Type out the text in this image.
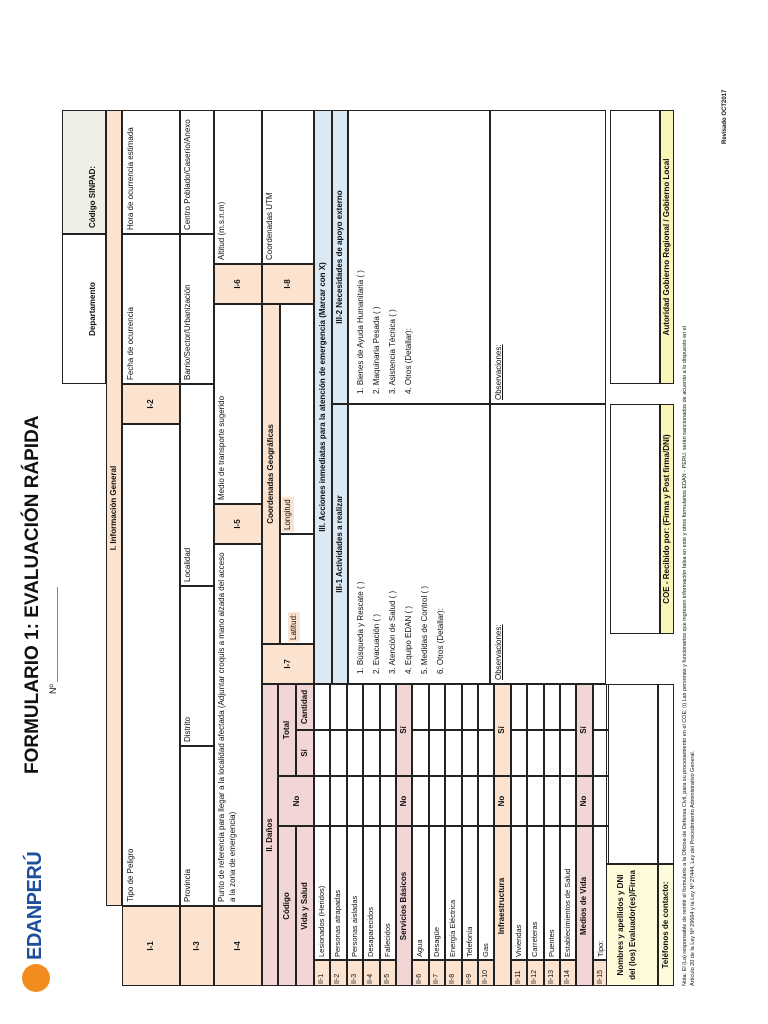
EDANPERÚ
FORMULARIO 1: EVALUACIÓN RÁPIDA Nº ___________________
Departamento
Código SINPAD:
I. Información General
I-1
Tipo de Peligro
I-2
Fecha de ocurrencia
Hora de ocurrencia estimada
I-3
Provincia
Distrito
Localidad
Barrio/Sector/Urbanización
Centro Poblado/Caserío/Anexo
I-4
Punto de referencia para llegar a la localidad afectada (Adjuntar croquis a mano alzada del acceso a la zona de emergencia)
I-5
Medio de transporte sugerido
I-6
Altitud (m.s.n.m)
I-7
Coordenadas Geográficas
Latitud:
Longitud
I-8
Coordenadas UTM
II. Daños
Código Vida y Salud
No
Total
Sí
Cantidad
II-1
Lesionados (Heridos)
II-2
Personas atrapadas
II-3
Personas aisladas
II-4
Desaparecidos
II-5
Fallecidos Servicios Básicos
No
Sí
II-6
Agua
II-7
Desagüe
II-8
Energía Eléctrica
II-9
Telefonía
II-10
Gas
Infraestructura
No
Sí
II-11
Viviendas
II-12
Carreteras
II-13
Puentes
II-14
Establecimientos de Salud Medios de Vida
No
Sí
II-15
Tipo:
III. Acciones inmediatas para la atención de emergencia (Marcar con X)
III-1 Actividades a realizar
III-2 Necesidades de apoyo externo
1. Búsqueda y Rescate ( ) 2. Evacuación ( ) 3. Atención de Salud ( ) 4. Equipo EDAN ( ) 5. Medidas de Control ( ) 6. Otros (Detallar):
1. Bienes de Ayuda Humanitaria ( ) 2. Maquinaria Pesada ( ) 3. Asistencia Técnica ( ) 4. Otros (Detallar):
Observaciones:
Observaciones:
Nombres y apellidos y DNI del (los) Evaluador(es)/Firma	Teléfonos de contacto:
COE - Recibido por: (Firma y Post firma/DNI)
Autoridad Gobierno Regional / Gobierno Local
Nota: El (La) responsable de remitir el formulario a la Oficina de Defensa Civil, para su procesamiento en el COE; (i) Las personas y funcionarios que ingresen información falsa en este y otros formularios EDAN - PERÚ, serán sancionados de acuerdo a lo dispuesto en el Artículo 20 de la Ley Nº 29664 y la Ley Nº 27444, Ley del Procedimiento Administrativo General.
Revisado OCT2017
